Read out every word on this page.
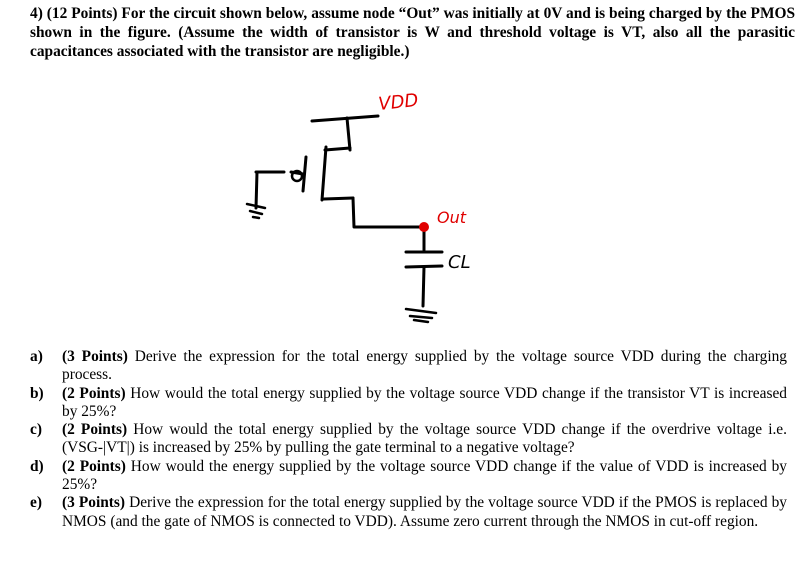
4) (12 Points) For the circuit shown below, assume node “Out” was initially at 0V and is being charged by the PMOS shown in the figure. (Assume the width of transistor is W and threshold voltage is VT, also all the parasitic capacitances associated with the transistor are negligible.)
VDD
Out
CL
a) (3 Points) Derive the expression for the total energy supplied by the voltage source VDD during the charging process.
b) (2 Points) How would the total energy supplied by the voltage source VDD change if the transistor VT is increased by 25%?
c) (2 Points) How would the total energy supplied by the voltage source VDD change if the overdrive voltage i.e. (VSG-|VT|) is increased by 25% by pulling the gate terminal to a negative voltage?
d) (2 Points) How would the energy supplied by the voltage source VDD change if the value of VDD is increased by 25%?
e) (3 Points) Derive the expression for the total energy supplied by the voltage source VDD if the PMOS is replaced by NMOS (and the gate of NMOS is connected to VDD). Assume zero current through the NMOS in cut-off region.
